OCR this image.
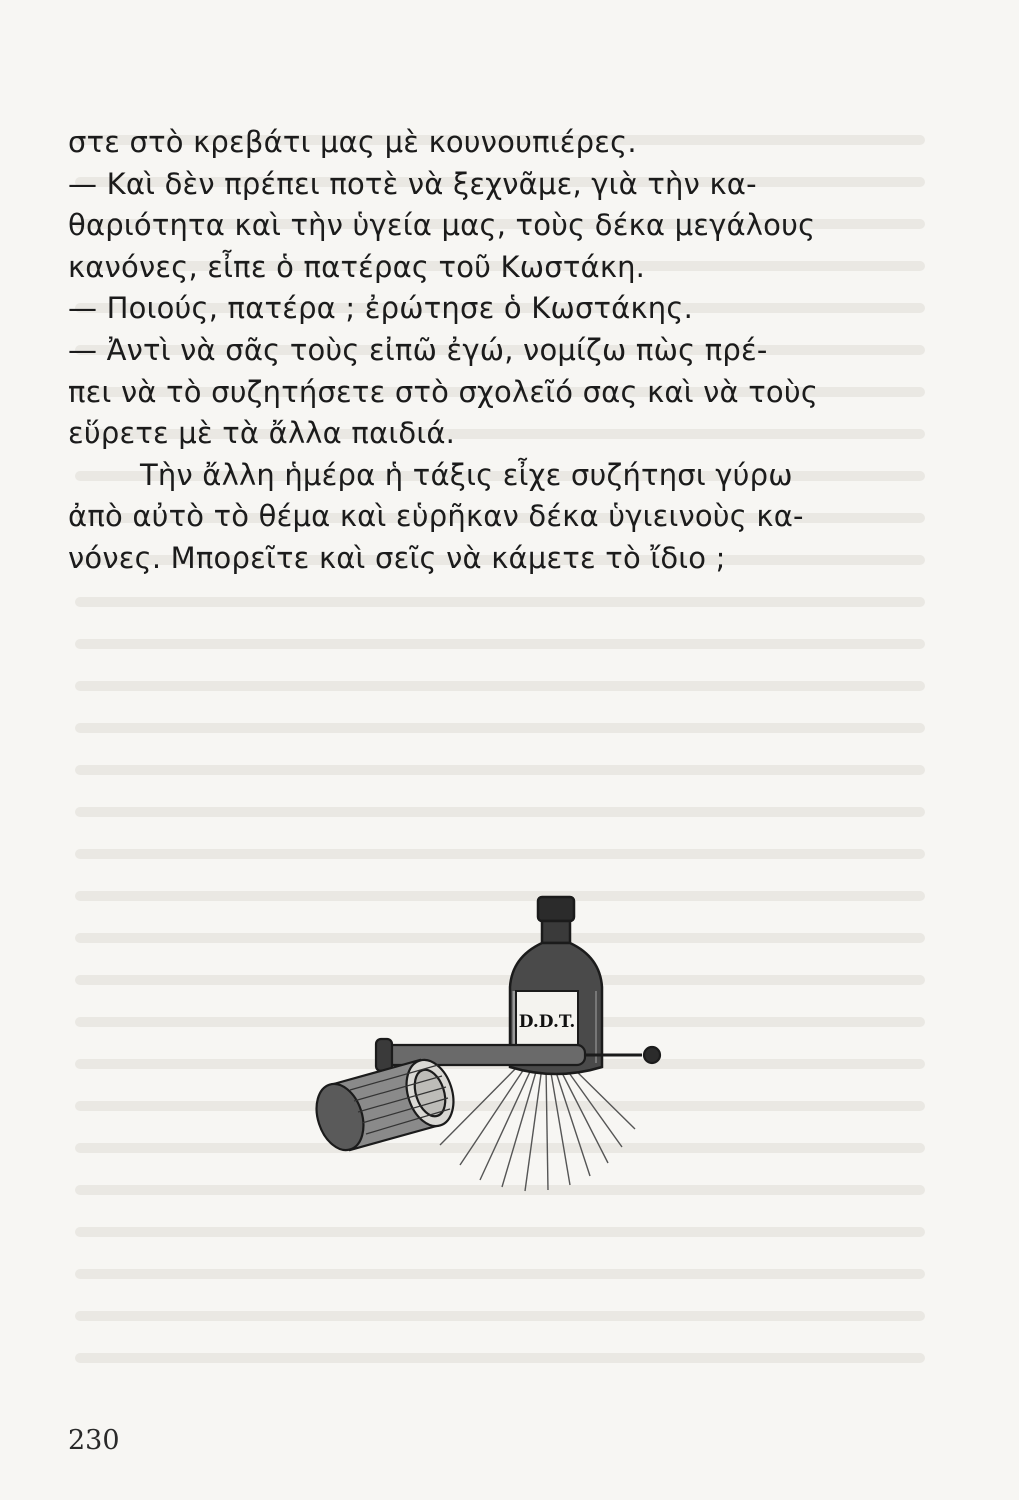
στε στὸ κρεβάτι μας μὲ κουνουπιέρες.
— Καὶ δὲν πρέπει ποτὲ νὰ ξεχνᾶμε, γιὰ τὴν κα-
θαριότητα καὶ τὴν ὑγεία μας, τοὺς δέκα μεγάλους
κανόνες, εἶπε ὁ πατέρας τοῦ Κωστάκη.
— Ποιούς, πατέρα ; ἐρώτησε ὁ Κωστάκης.
— Ἀντὶ νὰ σᾶς τοὺς εἰπῶ ἐγώ, νομίζω πὼς πρέ-
πει νὰ τὸ συζητήσετε στὸ σχολεῖό σας καὶ νὰ τοὺς
εὕρετε μὲ τὰ ἄλλα παιδιά.
Τὴν ἄλλη ἡμέρα ἡ τάξις εἶχε συζήτησι γύρω
ἀπὸ αὐτὸ τὸ θέμα καὶ εὑρῆκαν δέκα ὑγιεινοὺς κα-
νόνες. Μπορεῖτε καὶ σεῖς νὰ κάμετε τὸ ἴδιο ;
D.D.T.
230
